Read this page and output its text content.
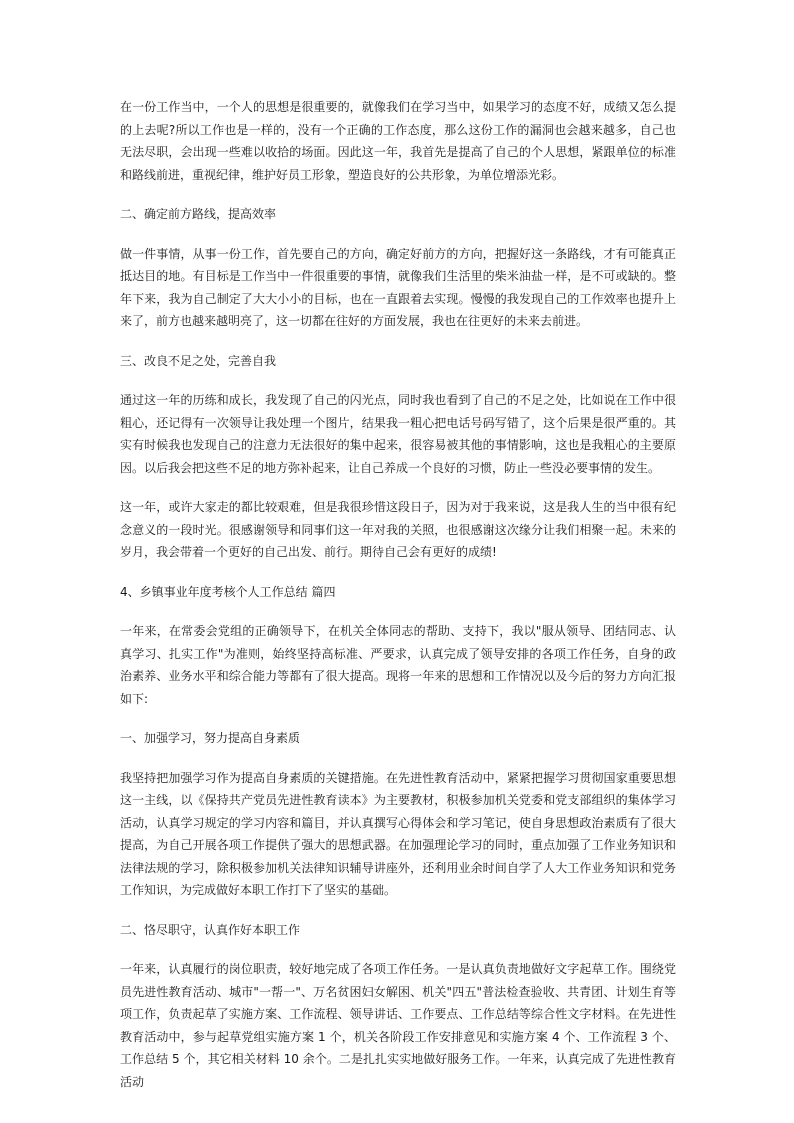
在一份工作当中，一个人的思想是很重要的，就像我们在学习当中，如果学习的态度不好，成绩又怎么提的上去呢?所以工作也是一样的，没有一个正确的工作态度，那么这份工作的漏洞也会越来越多，自己也无法尽职，会出现一些难以收拾的场面。因此这一年，我首先是提高了自己的个人思想，紧跟单位的标准和路线前进，重视纪律，维护好员工形象，塑造良好的公共形象，为单位增添光彩。

二、确定前方路线，提高效率

做一件事情，从事一份工作，首先要自己的方向，确定好前方的方向，把握好这一条路线，才有可能真正抵达目的地。有目标是工作当中一件很重要的事情，就像我们生活里的柴米油盐一样，是不可或缺的。整年下来，我为自己制定了大大小小的目标，也在一直跟着去实现。慢慢的我发现自己的工作效率也提升上来了，前方也越来越明亮了，这一切都在往好的方面发展，我也在往更好的未来去前进。

三、改良不足之处，完善自我

通过这一年的历练和成长，我发现了自己的闪光点，同时我也看到了自己的不足之处，比如说在工作中很粗心，还记得有一次领导让我处理一个图片，结果我一粗心把电话号码写错了，这个后果是很严重的。其实有时候我也发现自己的注意力无法很好的集中起来，很容易被其他的事情影响，这也是我粗心的主要原因。以后我会把这些不足的地方弥补起来，让自己养成一个良好的习惯，防止一些没必要事情的发生。

这一年，或许大家走的都比较艰难，但是我很珍惜这段日子，因为对于我来说，这是我人生的当中很有纪念意义的一段时光。很感谢领导和同事们这一年对我的关照，也很感谢这次缘分让我们相聚一起。未来的岁月，我会带着一个更好的自己出发、前行。期待自己会有更好的成绩!

4、乡镇事业年度考核个人工作总结 篇四

一年来，在常委会党组的正确领导下，在机关全体同志的帮助、支持下，我以"服从领导、团结同志、认真学习、扎实工作"为准则，始终坚持高标准、严要求，认真完成了领导安排的各项工作任务，自身的政治素养、业务水平和综合能力等都有了很大提高。现将一年来的思想和工作情况以及今后的努力方向汇报如下:

一、加强学习，努力提高自身素质

我坚持把加强学习作为提高自身素质的关键措施。在先进性教育活动中，紧紧把握学习贯彻国家重要思想这一主线，以《保持共产党员先进性教育读本》为主要教材，积极参加机关党委和党支部组织的集体学习活动，认真学习规定的学习内容和篇目，并认真撰写心得体会和学习笔记，使自身思想政治素质有了很大提高，为自己开展各项工作提供了强大的思想武器。在加强理论学习的同时，重点加强了工作业务知识和法律法规的学习，除积极参加机关法律知识辅导讲座外，还利用业余时间自学了人大工作业务知识和党务工作知识，为完成做好本职工作打下了坚实的基础。

二、恪尽职守，认真作好本职工作

一年来，认真履行的岗位职责，较好地完成了各项工作任务。一是认真负责地做好文字起草工作。围绕党员先进性教育活动、城市"一帮一"、万名贫困妇女解困、机关"四五"普法检查验收、共青团、计划生育等项工作，负责起草了实施方案、工作流程、领导讲话、工作要点、工作总结等综合性文字材料。在先进性教育活动中，参与起草党组实施方案 1 个，机关各阶段工作安排意见和实施方案 4 个、工作流程 3 个、工作总结 5 个，其它相关材料 10 余个。二是扎扎实实地做好服务工作。一年来，认真完成了先进性教育活动
